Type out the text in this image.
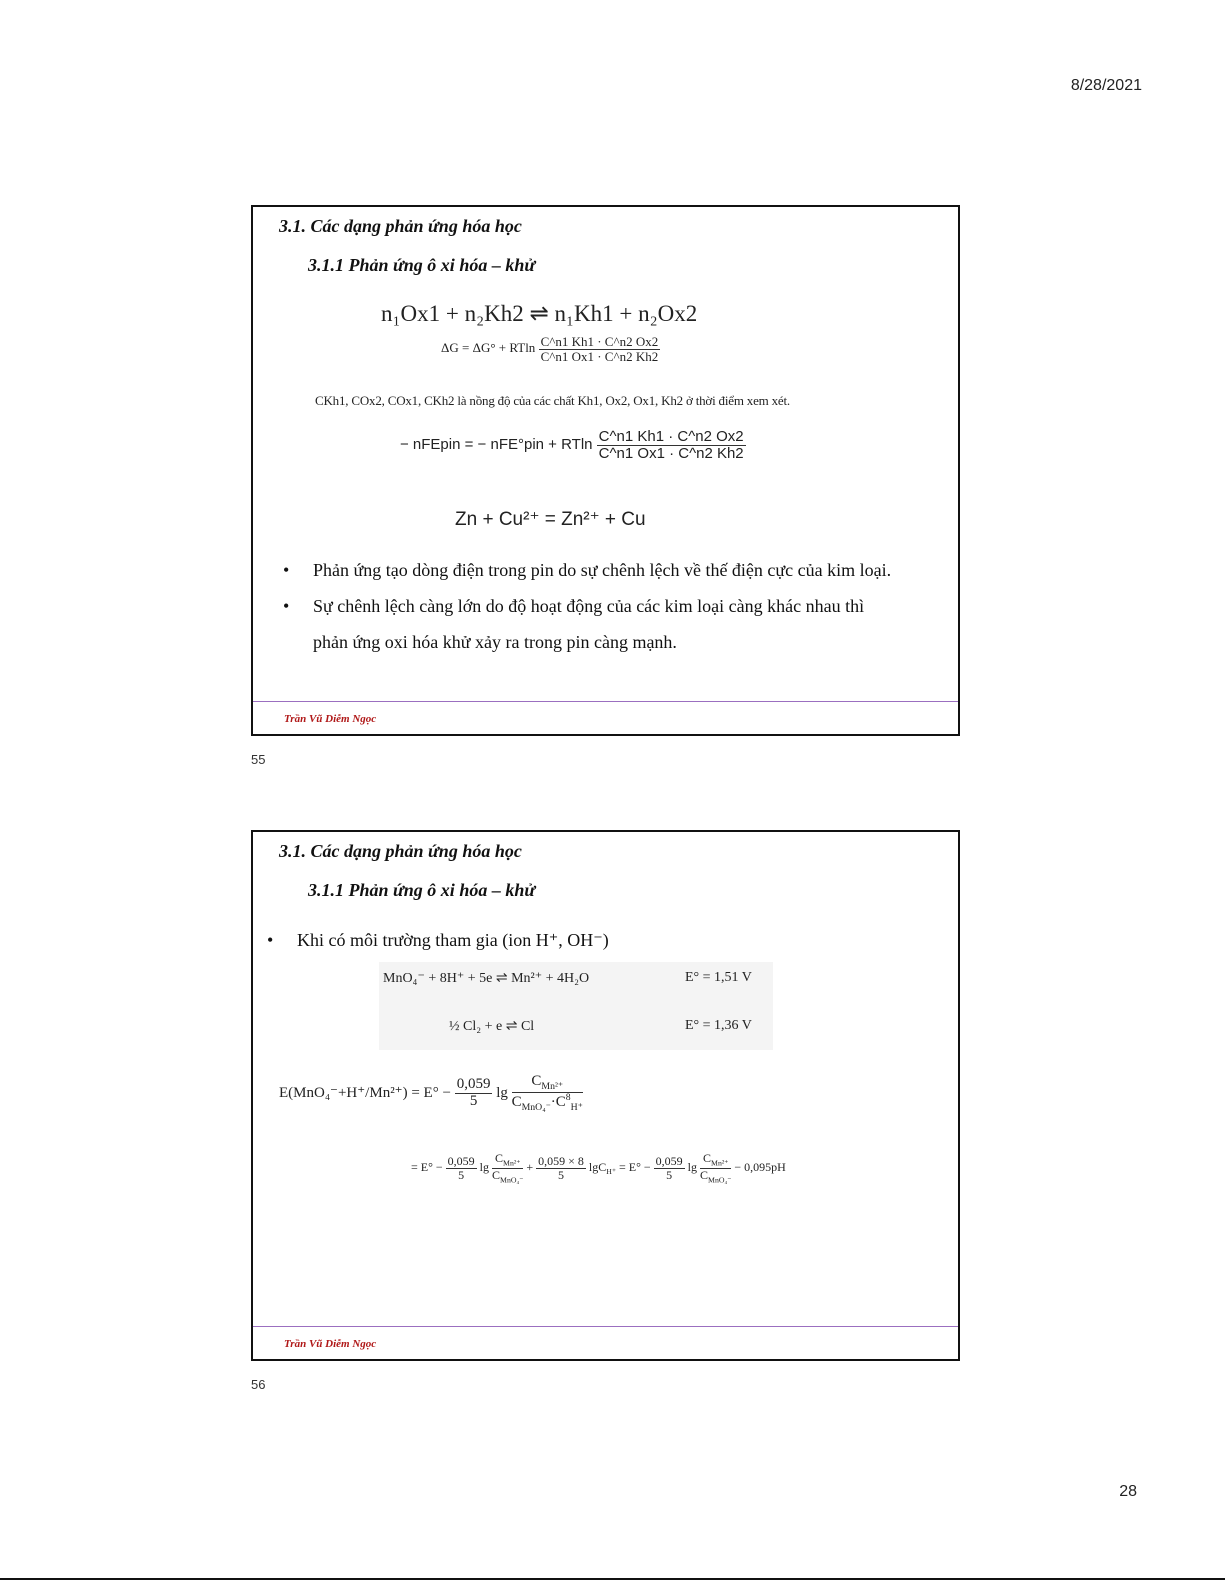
8/28/2021
3.1. Các dạng phản ứng hóa học
3.1.1 Phản ứng ô xi hóa – khử
n₁Ox1 + n₂Kh2 ⇌ n₁Kh1 + n₂Ox2
ΔG = ΔG° + RTln $\frac{C\^{}n1 Kh1 \cdot C\^{}n2 Ox2}{C\^{}n1 Ox1 \cdot C\^{}n2 Kh2}$
CKh1, COx2, COx1, CKh2 là nồng độ của các chất Kh1, Ox2, Ox1, Kh2 ở thời điểm xem xét.
− nFEpin = − nFE°pin + RTln $\frac{C\^{}n1 Kh1 \cdot C\^{}n2 Ox2}{C\^{}n1 Ox1 \cdot C\^{}n2 Kh2}$
Zn + Cu²⁺ = Zn²⁺ + Cu
• Phản ứng tạo dòng điện trong pin do sự chênh lệch về thế điện cực của kim loại.
• Sự chênh lệch càng lớn do độ hoạt động của các kim loại càng khác nhau thì
phản ứng oxi hóa khử xảy ra trong pin càng mạnh.
Trần Vũ Diễm Ngọc
55
3.1. Các dạng phản ứng hóa học
3.1.1 Phản ứng ô xi hóa – khử
• Khi có môi trường tham gia (ion H⁺, OH⁻)
MnO₄⁻ + 8H⁺ + 5e ⇌ Mn²⁺ + 4H₂O	E° = 1,51 V
½ Cl₂ + e ⇌ Cl	E° = 1,36 V
$E(MnO_4^-+H^+/Mn^{2+}) = E^\circ - \frac{0,059}{5}$ $\lg \frac{C_{Mn^{2+}}}{C_{MnO_4^-}\cdot C^8_{H^+}}$
= $E^\circ - \frac{0,059}{5}$ $\lg \frac{C_{Mn^{2+}}}{C_{MnO_4^-}} + \frac{0,059 \times 8}{5} \lg C_{H^+} = E^\circ - \frac{0,059}{5}$ $\lg \frac{C_{Mn^{2+}}}{C_{MnO_4^-}} - 0,095pH$
Trần Vũ Diễm Ngọc
56
28
